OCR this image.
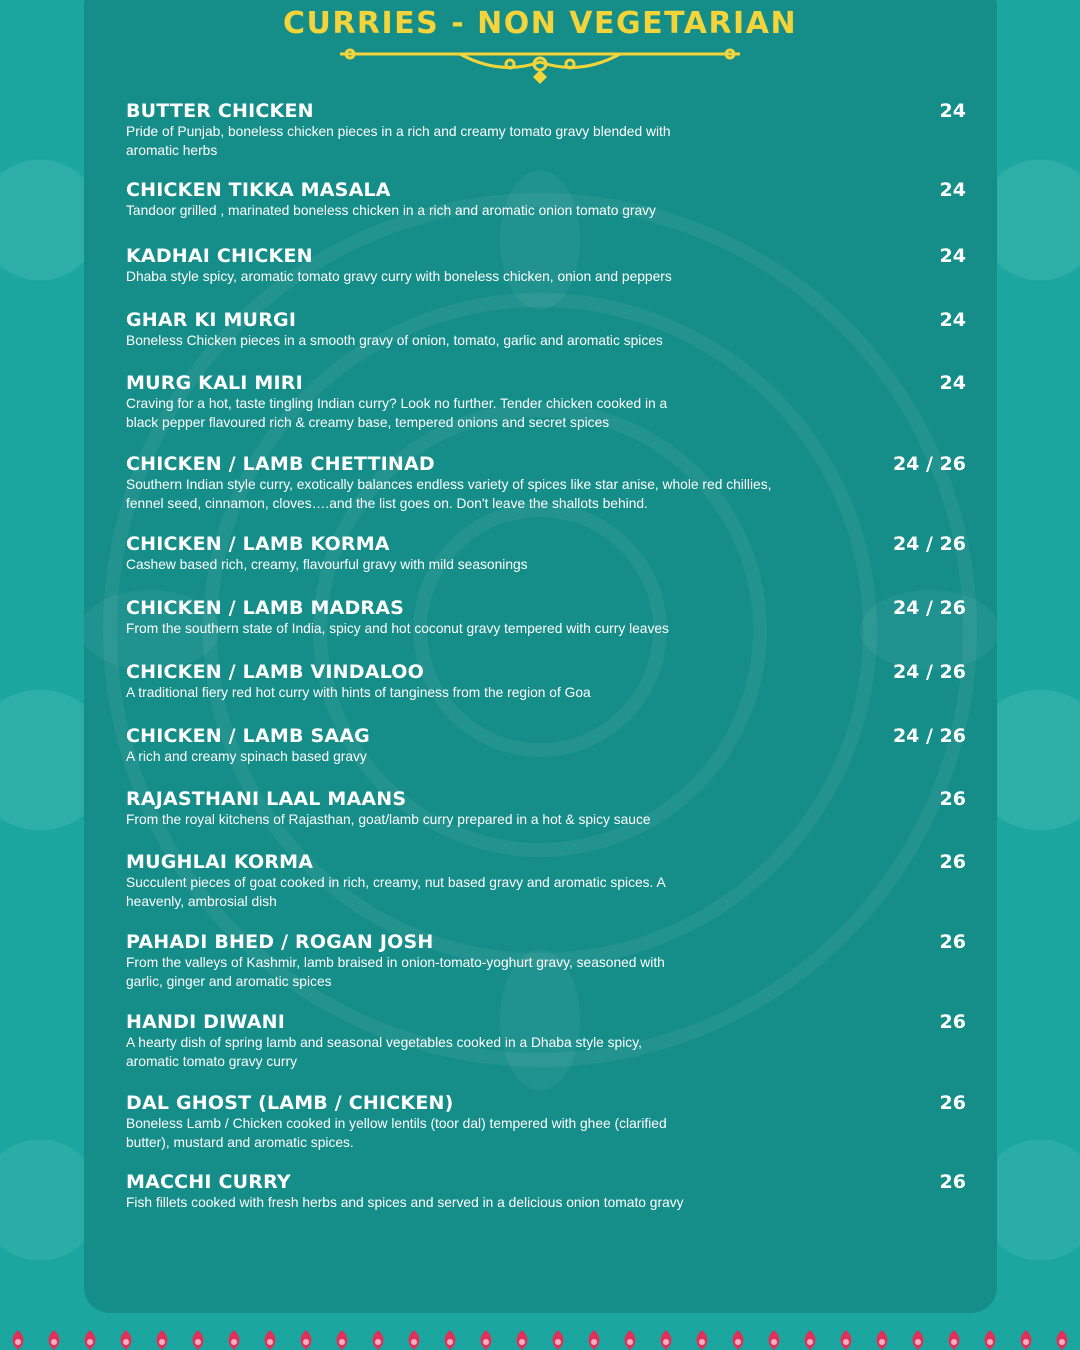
CURRIES - NON VEGETARIAN

BUTTER CHICKEN

Pride of Punjab, boneless chicken pieces in a rich and creamy tomato gravy blended with aromatic herbs

24

CHICKEN TIKKA MASALA

Tandoor grilled , marinated boneless chicken in a rich and aromatic onion tomato gravy

24

KADHAI CHICKEN

Dhaba style spicy, aromatic tomato gravy curry with boneless chicken, onion and peppers

24

GHAR KI MURGI

Boneless Chicken pieces in a smooth gravy of onion, tomato, garlic and aromatic spices

24

MURG KALI MIRI

Craving for a hot, taste tingling Indian curry? Look no further. Tender chicken cooked in a black pepper flavoured rich & creamy base, tempered onions and secret spices

24

CHICKEN / LAMB CHETTINAD

Southern Indian style curry, exotically balances endless variety of spices like star anise, whole red chillies, fennel seed, cinnamon, cloves….and the list goes on. Don't leave the shallots behind.

24 / 26

CHICKEN / LAMB KORMA

Cashew based rich, creamy, flavourful gravy with mild seasonings

24 / 26

CHICKEN / LAMB MADRAS

From the southern state of India, spicy and hot coconut gravy tempered with curry leaves

24 / 26

CHICKEN / LAMB VINDALOO

A traditional fiery red hot curry with hints of tanginess from the region of Goa

24 / 26

CHICKEN / LAMB SAAG

A rich and creamy spinach based gravy

24 / 26

RAJASTHANI LAAL MAANS

From the royal kitchens of Rajasthan, goat/lamb curry prepared in a hot & spicy sauce

26

MUGHLAI KORMA

Succulent pieces of goat cooked in rich, creamy, nut based gravy and aromatic spices. A heavenly, ambrosial dish

26

PAHADI BHED / ROGAN JOSH

From the valleys of Kashmir, lamb braised in onion-tomato-yoghurt gravy, seasoned with garlic, ginger and aromatic spices

26

HANDI DIWANI

A hearty dish of spring lamb and seasonal vegetables cooked in a Dhaba style spicy, aromatic tomato gravy curry

26

DAL GHOST (LAMB / CHICKEN)

Boneless Lamb / Chicken cooked in yellow lentils (toor dal) tempered with ghee (clarified butter), mustard and aromatic spices.

26

MACCHI CURRY

Fish fillets cooked with fresh herbs and spices and served in a delicious onion tomato gravy

26
